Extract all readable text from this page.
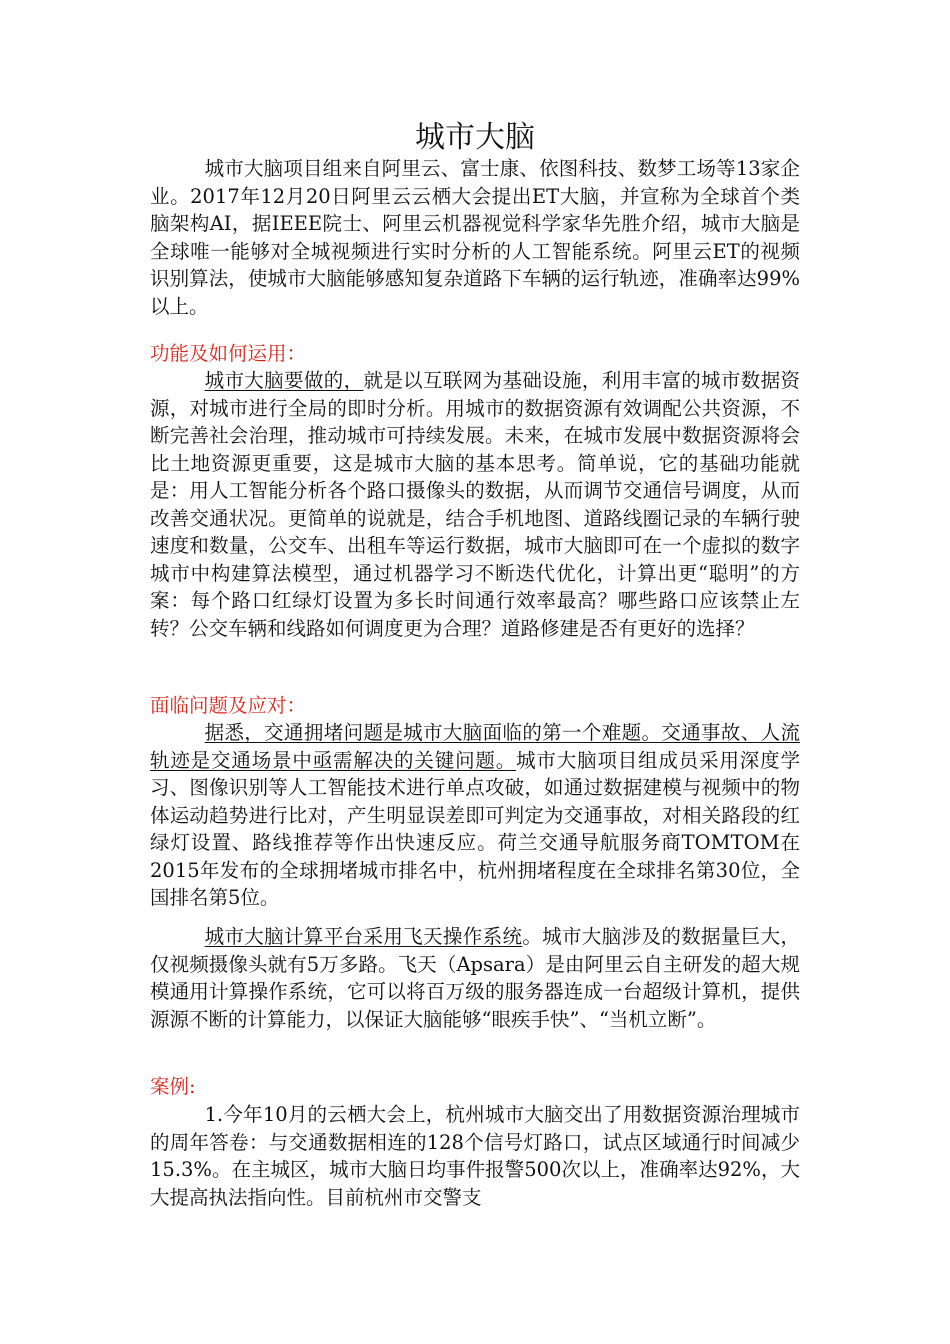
城市大脑
城市大脑项目组来自阿里云、富士康、依图科技、数梦工场等13家企业。2017年12月20日阿里云云栖大会提出ET大脑，并宣称为全球首个类脑架构AI，据IEEE院士、阿里云机器视觉科学家华先胜介绍，城市大脑是全球唯一能够对全城视频进行实时分析的人工智能系统。阿里云ET的视频识别算法，使城市大脑能够感知复杂道路下车辆的运行轨迹，准确率达99%以上。
功能及如何运用：
城市大脑要做的，就是以互联网为基础设施，利用丰富的城市数据资源，对城市进行全局的即时分析。用城市的数据资源有效调配公共资源，不断完善社会治理，推动城市可持续发展。未来，在城市发展中数据资源将会比土地资源更重要，这是城市大脑的基本思考。简单说，它的基础功能就是：用人工智能分析各个路口摄像头的数据，从而调节交通信号调度，从而改善交通状况。更简单的说就是，结合手机地图、道路线圈记录的车辆行驶速度和数量，公交车、出租车等运行数据，城市大脑即可在一个虚拟的数字城市中构建算法模型，通过机器学习不断迭代优化，计算出更“聪明”的方案：每个路口红绿灯设置为多长时间通行效率最高？哪些路口应该禁止左转？公交车辆和线路如何调度更为合理？道路修建是否有更好的选择？
面临问题及应对：
据悉，交通拥堵问题是城市大脑面临的第一个难题。交通事故、人流轨迹是交通场景中亟需解决的关键问题。城市大脑项目组成员采用深度学习、图像识别等人工智能技术进行单点攻破，如通过数据建模与视频中的物体运动趋势进行比对，产生明显误差即可判定为交通事故，对相关路段的红绿灯设置、路线推荐等作出快速反应。荷兰交通导航服务商TOMTOM在2015年发布的全球拥堵城市排名中，杭州拥堵程度在全球排名第30位，全国排名第5位。
城市大脑计算平台采用飞天操作系统。城市大脑涉及的数据量巨大，仅视频摄像头就有5万多路。飞天（Apsara）是由阿里云自主研发的超大规模通用计算操作系统，它可以将百万级的服务器连成一台超级计算机，提供源源不断的计算能力，以保证大脑能够“眼疾手快”、“当机立断”。
案例:
1.今年10月的云栖大会上，杭州城市大脑交出了用数据资源治理城市的周年答卷：与交通数据相连的128个信号灯路口，试点区域通行时间减少15.3%。在主城区，城市大脑日均事件报警500次以上，准确率达92%，大大提高执法指向性。目前杭州市交警支
